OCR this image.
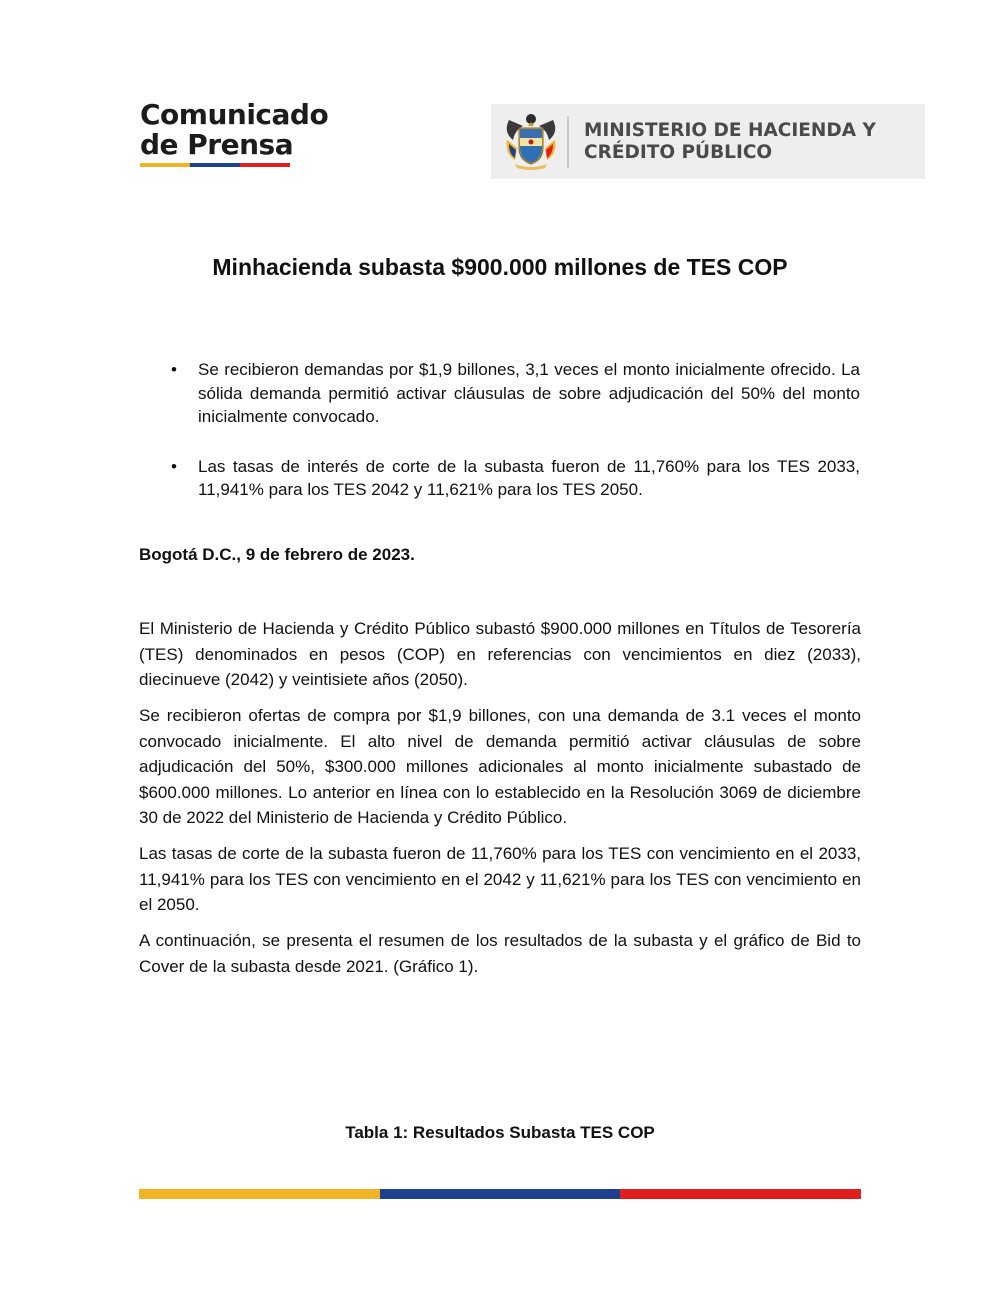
Comunicado
de Prensa	MINISTERIO DE HACIENDA Y
CRÉDITO PÚBLICO
Minhacienda subasta $900.000 millones de TES COP
• Se recibieron demandas por $1,9 billones, 3,1 veces el monto inicialmente ofrecido. La sólida demanda permitió activar cláusulas de sobre adjudicación del 50% del monto inicialmente convocado.
• Las tasas de interés de corte de la subasta fueron de 11,760% para los TES 2033, 11,941% para los TES 2042 y 11,621% para los TES 2050.
Bogotá D.C., 9 de febrero de 2023.

El Ministerio de Hacienda y Crédito Público subastó $900.000 millones en Títulos de Tesorería (TES) denominados en pesos (COP) en referencias con vencimientos en diez (2033), diecinueve (2042) y veintisiete años (2050).

Se recibieron ofertas de compra por $1,9 billones, con una demanda de 3.1 veces el monto convocado inicialmente. El alto nivel de demanda permitió activar cláusulas de sobre adjudicación del 50%, $300.000 millones adicionales al monto inicialmente subastado de $600.000 millones. Lo anterior en línea con lo establecido en la Resolución 3069 de diciembre 30 de 2022 del Ministerio de Hacienda y Crédito Público.

Las tasas de corte de la subasta fueron de 11,760% para los TES con vencimiento en el 2033, 11,941% para los TES con vencimiento en el 2042 y 11,621% para los TES con vencimiento en el 2050.

A continuación, se presenta el resumen de los resultados de la subasta y el gráfico de Bid to Cover de la subasta desde 2021. (Gráfico 1).

Tabla 1: Resultados Subasta TES COP
